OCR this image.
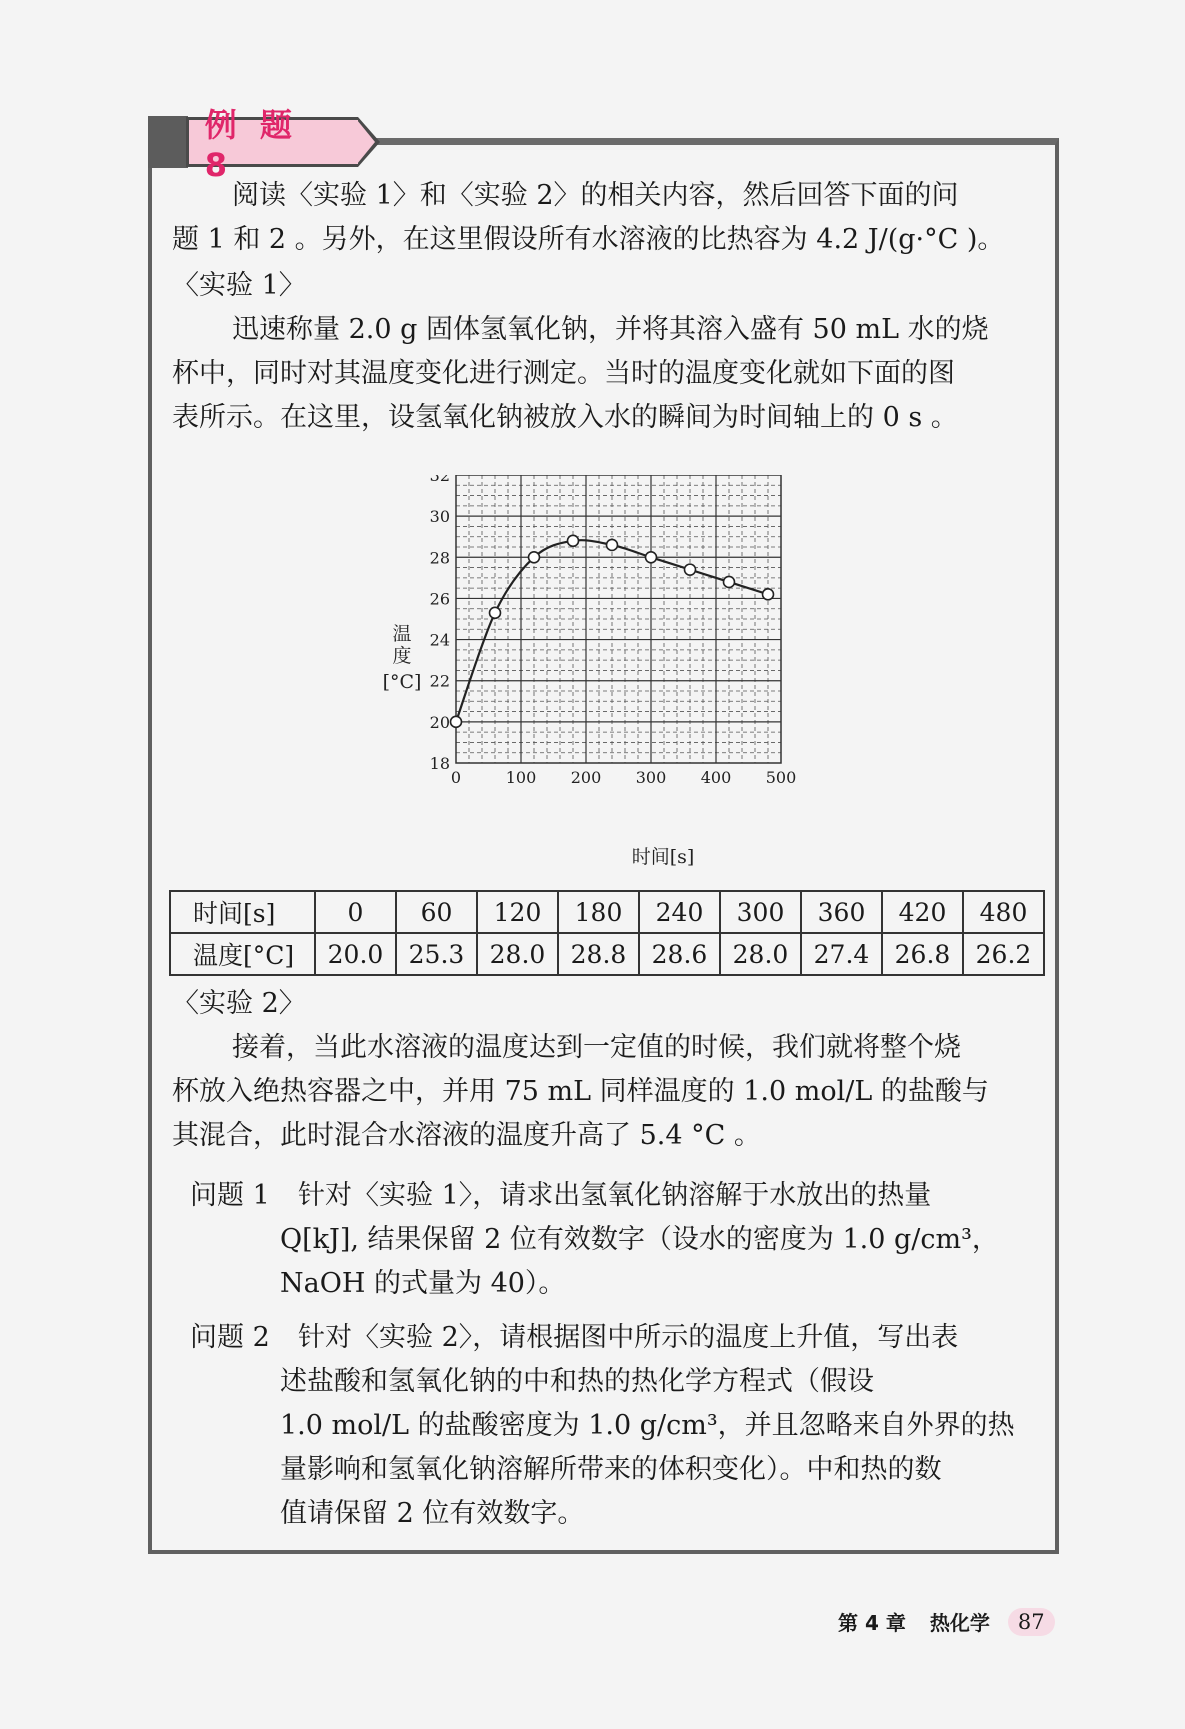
例 题 8

阅读〈实验 1〉和〈实验 2〉的相关内容，然后回答下面的问

题 1 和 2 。另外，在这里假设所有水溶液的比热容为 4.2 J/(g·°C )。

〈实验 1〉

迅速称量 2.0 g 固体氢氧化钠，并将其溶入盛有 50 mL 水的烧

杯中，同时对其温度变化进行测定。当时的温度变化就如下面的图

表所示。在这里，设氢氧化钠被放入水的瞬间为时间轴上的 0 s 。

18
20
22
24
26
28
30
32
0	100 200 300 400 500
温
度
[°C]
时间[s]
时间[s]	0	60	120	180	240	300	360	420	480
温度[°C]	20.0	25.3	28.0	28.8	28.6	28.0	27.4	26.8	26.2

〈实验 2〉

接着，当此水溶液的温度达到一定值的时候，我们就将整个烧

杯放入绝热容器之中，并用 75 mL 同样温度的 1.0 mol/L 的盐酸与

其混合，此时混合水溶液的温度升高了 5.4 °C 。

问题 1 针对〈实验 1〉，请求出氢氧化钠溶解于水放出的热量

Q[kJ], 结果保留 2 位有效数字（设水的密度为 1.0 g/cm³，

NaOH 的式量为 40）。

问题 2 针对〈实验 2〉，请根据图中所示的温度上升值，写出表

述盐酸和氢氧化钠的中和热的热化学方程式（假设

1.0 mol/L 的盐酸密度为 1.0 g/cm³，并且忽略来自外界的热

量影响和氢氧化钠溶解所带来的体积变化）。中和热的数

值请保留 2 位有效数字。

第 4 章 热化学	87
